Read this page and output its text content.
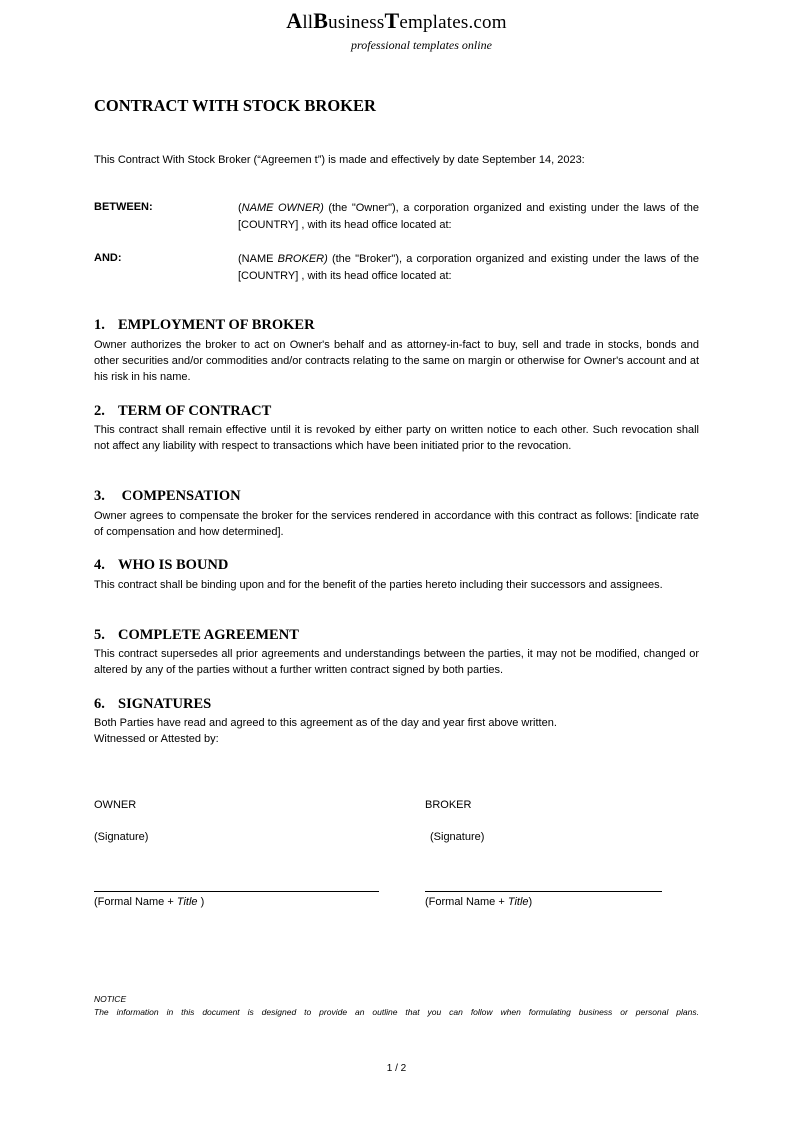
AllBusinessTemplates.com
professional templates online
CONTRACT WITH STOCK BROKER
This Contract With Stock Broker (“Agreemen t”) is made and effectively by date September 14, 2023:
BETWEEN:	(NAME OWNER) (the "Owner"), a corporation organized and existing under the laws of the [COUNTRY] , with its head office located at:
AND:	(NAME BROKER) (the "Broker"), a corporation organized and existing under the laws of the [COUNTRY] , with its head office located at:
1. EMPLOYMENT OF BROKER
Owner authorizes the broker to act on Owner's behalf and as attorney-in-fact to buy, sell and trade in stocks, bonds and other securities and/or commodities and/or contracts relating to the same on margin or otherwise for Owner's account and at his risk in his name.
2. TERM OF CONTRACT
This contract shall remain effective until it is revoked by either party on written notice to each other. Such revocation shall not affect any liability with respect to transactions which have been initiated prior to the revocation.
3. COMPENSATION
Owner agrees to compensate the broker for the services rendered in accordance with this contract as follows: [indicate rate of compensation and how determined].
4. WHO IS BOUND
This contract shall be binding upon and for the benefit of the parties hereto including their successors and assignees.
5. COMPLETE AGREEMENT
This contract supersedes all prior agreements and understandings between the parties, it may not be modified, changed or altered by any of the parties without a further written contract signed by both parties.
6. SIGNATURES
Both Parties have read and agreed to this agreement as of the day and year first above written.
Witnessed or Attested by:
OWNER	BROKER
(Signature)	(Signature)
(Formal Name + Title )	(Formal Name + Title)
NOTICE
The information in this document is designed to provide an outline that you can follow when formulating business or personal plans.
1 / 2
